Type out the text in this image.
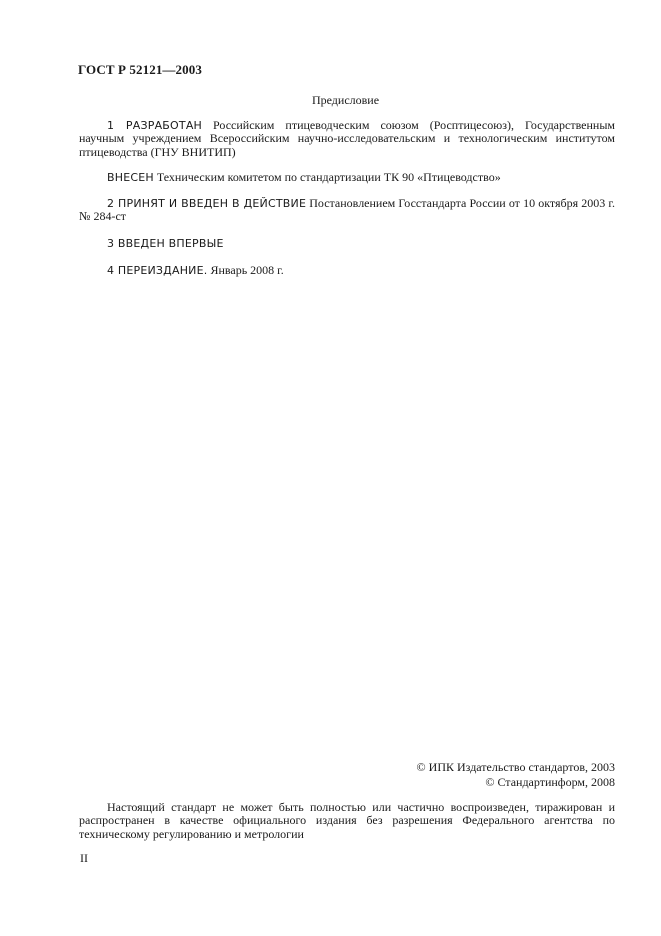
ГОСТ Р 52121—2003
Предисловие
1 РАЗРАБОТАН Российским птицеводческим союзом (Росптицесоюз), Государственным научным учреждением Всероссийским научно-исследовательским и технологическим институтом птицеводства (ГНУ ВНИТИП)
ВНЕСЕН Техническим комитетом по стандартизации ТК 90 «Птицеводство»
2 ПРИНЯТ И ВВЕДЕН В ДЕЙСТВИЕ Постановлением Госстандарта России от 10 октября 2003 г. № 284-ст
3 ВВЕДЕН ВПЕРВЫЕ
4 ПЕРЕИЗДАНИЕ. Январь 2008 г.
© ИПК Издательство стандартов, 2003
© Стандартинформ, 2008
Настоящий стандарт не может быть полностью или частично воспроизведен, тиражирован и распространен в качестве официального издания без разрешения Федерального агентства по техническому регулированию и метрологии
II
